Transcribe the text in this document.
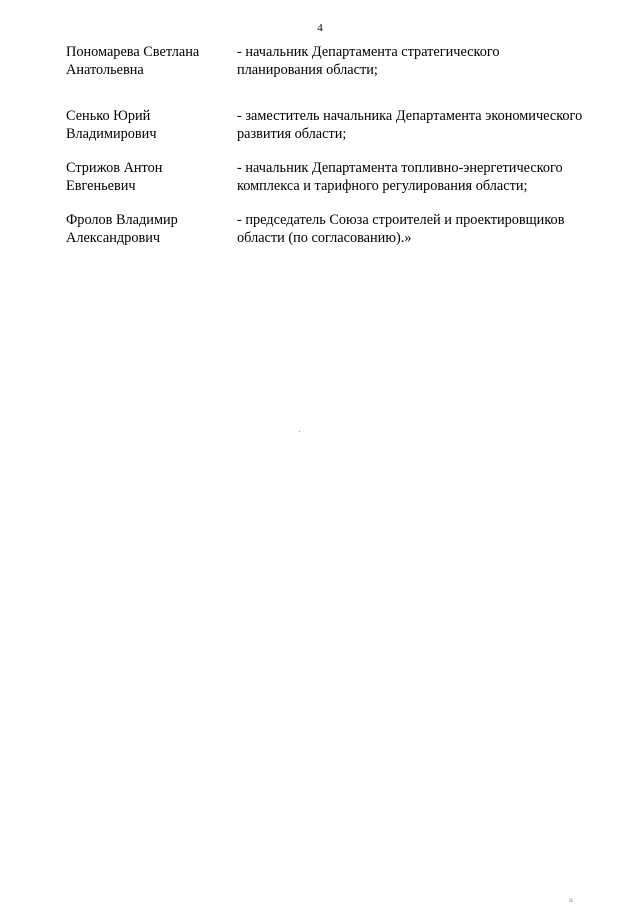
4
Пономарева Светлана
Анатольевна
- начальник Департамента стратегического
планирования области;
Сенько Юрий
Владимирович
- заместитель начальника Департамента экономического
развития области;
Стрижов Антон
Евгеньевич
- начальник Департамента топливно-энергетического
комплекса и тарифного регулирования области;
Фролов Владимир
Александрович
- председатель Союза строителей и проектировщиков
области (по согласованию).»
ıı
